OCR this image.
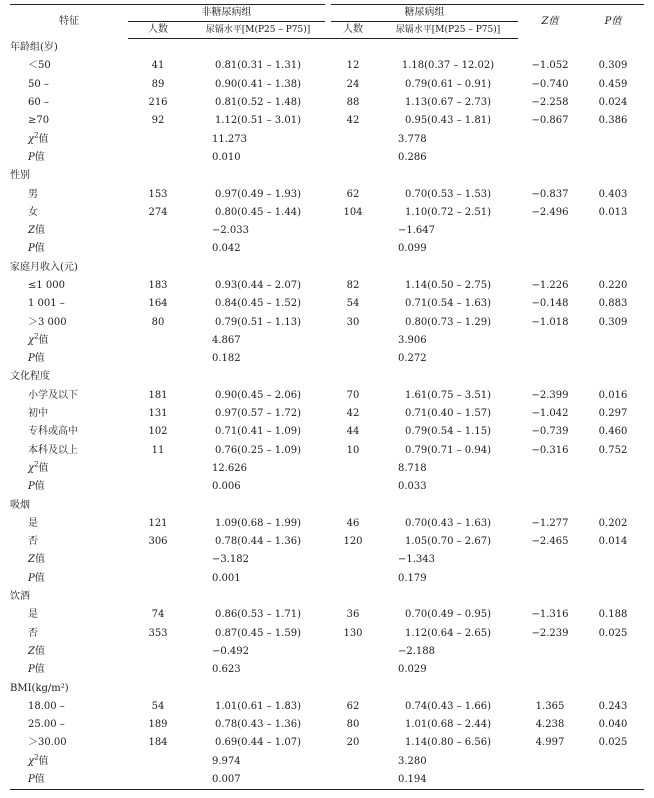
特征	非糖尿病组		糖尿病组		Z值	P值
	人数	尿镉水平[M(P25 – P75)]	人数	尿镉水平[M(P25 – P75)]		
年龄组(岁)						
＜50	41	0.81(0.31 – 1.31)	12	1.18(0.37 – 12.02)	−1.052	0.309
50 –	89	0.90(0.41 – 1.38)	24	0.79(0.61 – 0.91)	−0.740	0.459
60 –	216	0.81(0.52 – 1.48)	88	1.13(0.67 – 2.73)	−2.258	0.024
≥70	92	1.12(0.51 – 3.01)	42	0.95(0.43 – 1.81)	−0.867	0.386
$\chi^2$值		11.273		3.778		
P值		0.010		0.286		
性别						
男	153	0.97(0.49 – 1.93)	62	0.70(0.53 – 1.53)	−0.837	0.403
女	274	0.80(0.45 – 1.44)	104	1.10(0.72 – 2.51)	−2.496	0.013
Z值		−2.033		−1.647		
P值		0.042		0.099		
家庭月收入(元)						
≤1 000	183	0.93(0.44 – 2.07)	82	1.14(0.50 – 2.75)	−1.226	0.220
1 001 –	164	0.84(0.45 – 1.52)	54	0.71(0.54 – 1.63)	−0.148	0.883
＞3 000	80	0.79(0.51 – 1.13)	30	0.80(0.73 – 1.29)	−1.018	0.309
$\chi^2$值		4.867		3.906		
P值		0.182		0.272		
文化程度						
小学及以下	181	0.90(0.45 – 2.06)	70	1.61(0.75 – 3.51)	−2.399	0.016
初中	131	0.97(0.57 – 1.72)	42	0.71(0.40 – 1.57)	−1.042	0.297
专科或高中	102	0.71(0.41 – 1.09)	44	0.79(0.54 – 1.15)	−0.739	0.460
本科及以上	11	0.76(0.25 – 1.09)	10	0.79(0.71 – 0.94)	−0.316	0.752
$\chi^2$值		12.626		8.718		
P值		0.006		0.033		
吸烟						
是	121	1.09(0.68 – 1.99)	46	0.70(0.43 – 1.63)	−1.277	0.202
否	306	0.78(0.44 – 1.36)	120	1.05(0.70 – 2.67)	−2.465	0.014
Z值		−3.182		−1.343		
P值		0.001		0.179		
饮酒						
是	74	0.86(0.53 – 1.71)	36	0.70(0.49 – 0.95)	−1.316	0.188
否	353	0.87(0.45 – 1.59)	130	1.12(0.64 – 2.65)	−2.239	0.025
Z值		−0.492		−2.188		
P值		0.623		0.029		
BMI(kg/m²)						
18.00 –	54	1.01(0.61 – 1.83)	62	0.74(0.43 – 1.66)	1.365	0.243
25.00 –	189	0.78(0.43 – 1.36)	80	1.01(0.68 – 2.44)	4.238	0.040
＞30.00	184	0.69(0.44 – 1.07)	20	1.14(0.80 – 6.56)	4.997	0.025
$\chi^2$值		9.974		3.280		
P值		0.007		0.194		
